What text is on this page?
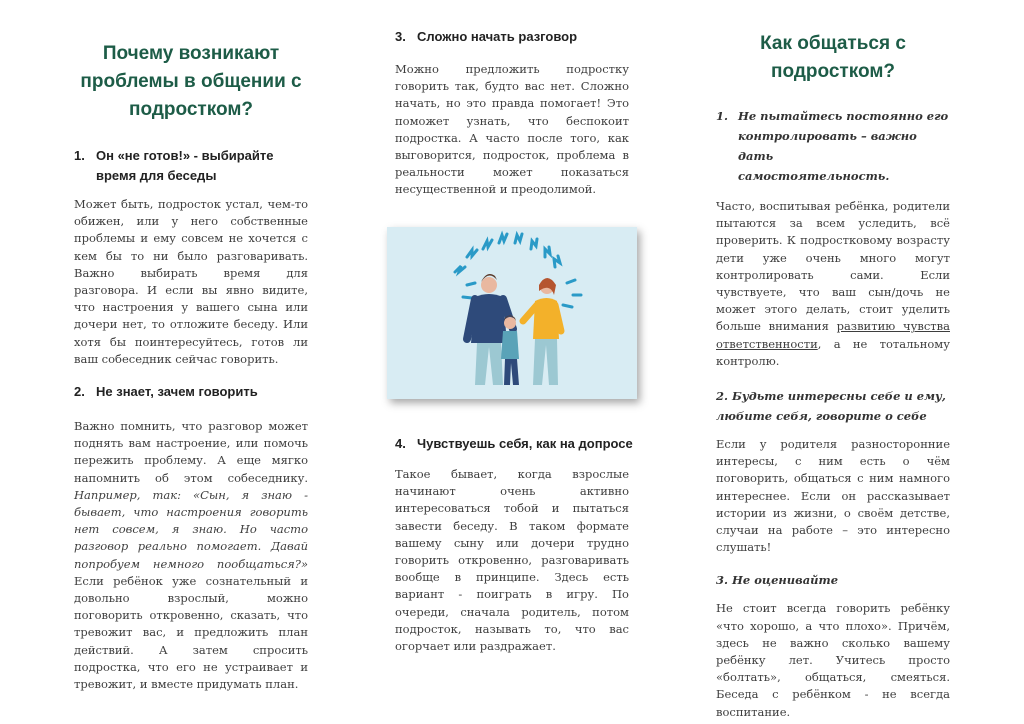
Почему возникают
проблемы в общении с
подростком?
1. Он «не готов!» - выбирайте
время для беседы
Может быть, подросток устал, чем-то обижен, или у него собственные проблемы и ему совсем не хочется с кем бы то ни было разговаривать. Важно выбирать время для разговора. И если вы явно видите, что настроения у вашего сына или дочери нет, то отложите беседу. Или хотя бы поинтересуйтесь, готов ли ваш собеседник сейчас говорить.
2. Не знает, зачем говорить
Важно помнить, что разговор может поднять вам настроение, или помочь пережить проблему. А еще мягко напомнить об этом собеседнику. Например, так: «Сын, я знаю - бывает, что настроения говорить нет совсем, я знаю. Но часто разговор реально помогает. Давай попробуем немного пообщаться?» Если ребёнок уже сознательный и довольно взрослый, можно поговорить откровенно, сказать, что тревожит вас, и предложить план действий. А затем спросить подростка, что его не устраивает и тревожит, и вместе придумать план.
3. Сложно начать разговор
Можно предложить подростку говорить так, будто вас нет. Сложно начать, но это правда помогает! Это поможет узнать, что беспокоит подростка. А часто после того, как выговорится, подросток, проблема в реальности может показаться несущественной и преодолимой.
4. Чувствуешь себя, как на допросе
Такое бывает, когда взрослые начинают очень активно интересоваться тобой и пытаться завести беседу. В таком формате вашему сыну или дочери трудно говорить откровенно, разговаривать вообще в принципе. Здесь есть вариант - поиграть в игру. По очереди, сначала родитель, потом подросток, называть то, что вас огорчает или раздражает.
Как общаться с
подростком?
1. Не пытайтесь постоянно его
контролировать – важно дать
самостоятельность.
Часто, воспитывая ребёнка, родители пытаются за всем уследить, всё проверить. К подростковому возрасту дети уже очень много могут контролировать сами. Если чувствуете, что ваш сын/дочь не может этого делать, стоит уделить больше внимания развитию чувства ответственности, а не тотальному контролю.
2. Будьте интересны себе и ему,
любите себя, говорите о себе
Если у родителя разносторонние интересы, с ним есть о чём поговорить, общаться с ним намного интереснее. Если он рассказывает истории из жизни, о своём детстве, случаи на работе – это интересно слушать!
3. Не оценивайте
Не стоит всегда говорить ребёнку «что хорошо, а что плохо». Причём, здесь не важно сколько вашему ребёнку лет. Учитесь просто «болтать», общаться, смеяться. Беседа с ребёнком - не всегда воспитание.
